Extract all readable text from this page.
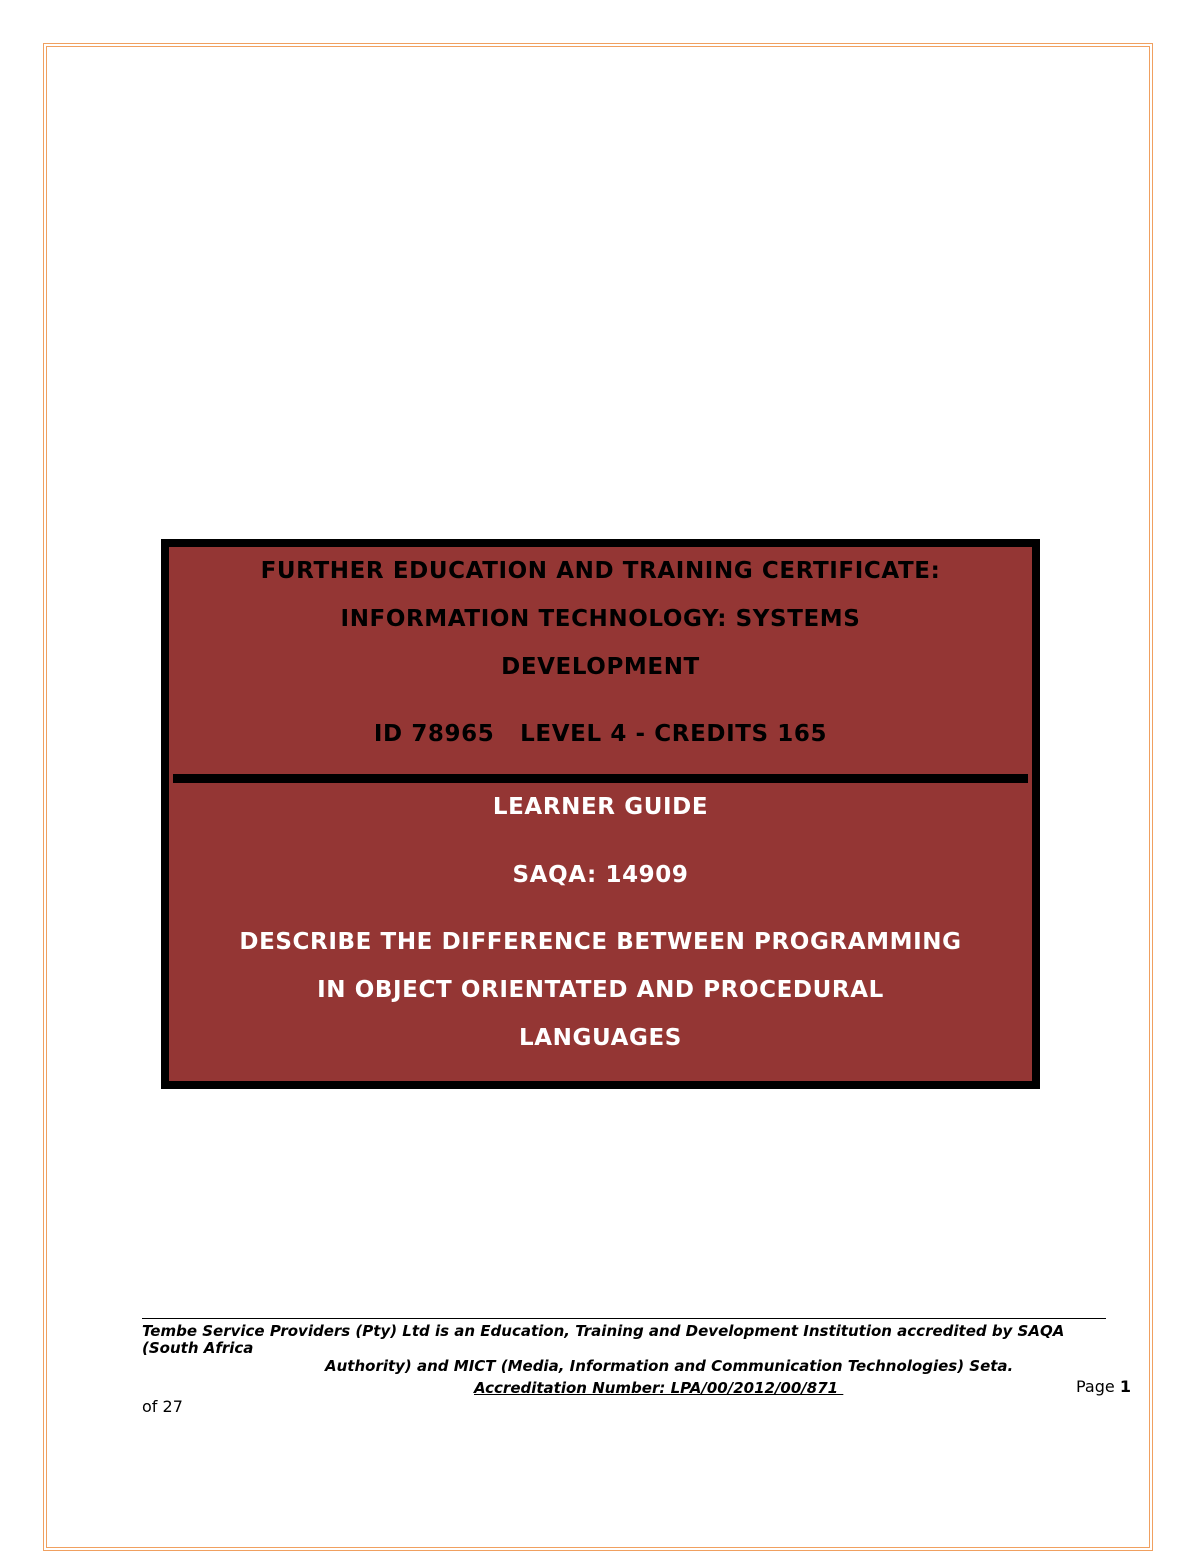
FURTHER EDUCATION AND TRAINING CERTIFICATE:
INFORMATION TECHNOLOGY: SYSTEMS
DEVELOPMENT
ID 78965   LEVEL 4 - CREDITS 165
LEARNER GUIDE
SAQA: 14909
DESCRIBE THE DIFFERENCE BETWEEN PROGRAMMING
IN OBJECT ORIENTATED AND PROCEDURAL
LANGUAGES
Tembe Service Providers (Pty) Ltd is an Education, Training and Development Institution accredited by SAQA
(South Africa
Authority) and MICT (Media, Information and Communication Technologies) Seta.
Accreditation Number: LPA/00/2012/00/871	Page 1
of 27
